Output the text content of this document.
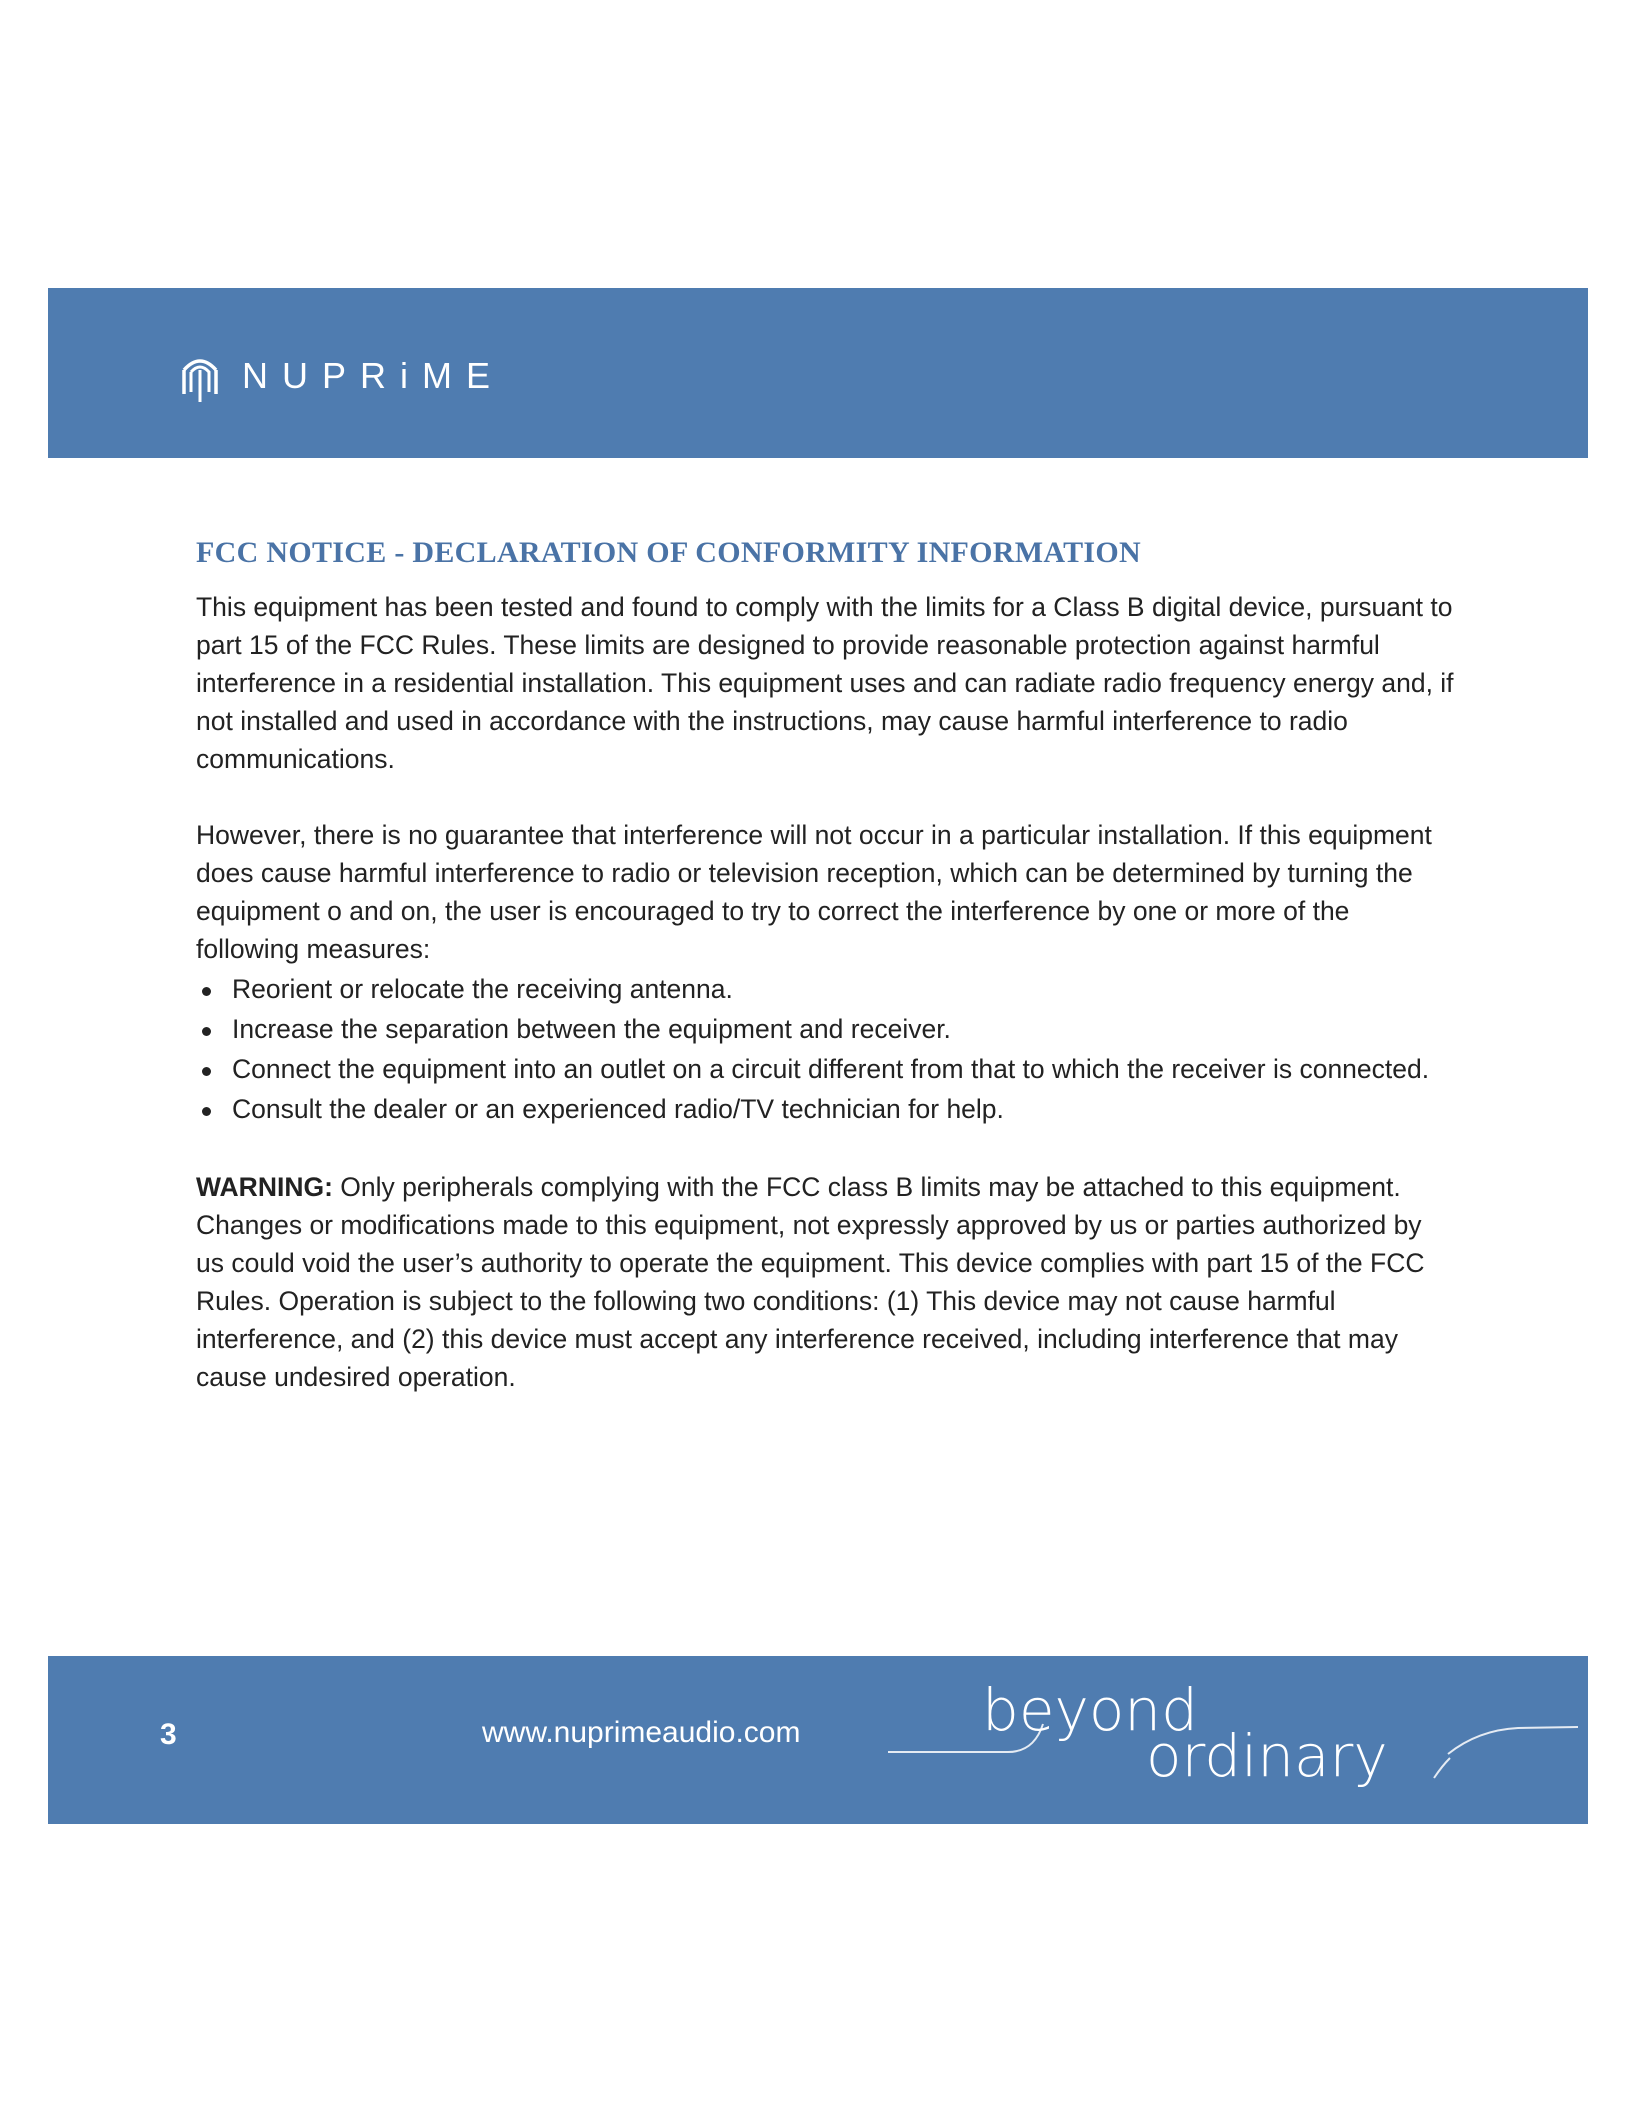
NUPRiME
FCC NOTICE - DECLARATION OF CONFORMITY INFORMATION

This equipment has been tested and found to comply with the limits for a Class B digital device, pursuant to part 15 of the FCC Rules. These limits are designed to provide reasonable protection against harmful interference in a residential installation. This equipment uses and can radiate radio frequency energy and, if not installed and used in accordance with the instructions, may cause harmful interference to radio communications.

However, there is no guarantee that interference will not occur in a particular installation. If this equipment does cause harmful interference to radio or television reception, which can be determined by turning the equipment o and on, the user is encouraged to try to correct the interference by one or more of the following measures:

Reorient or relocate the receiving antenna.
Increase the separation between the equipment and receiver.
Connect the equipment into an outlet on a circuit different from that to which the receiver is connected.
Consult the dealer or an experienced radio/TV technician for help.

WARNING: Only peripherals complying with the FCC class B limits may be attached to this equipment.

Changes or modifications made to this equipment, not expressly approved by us or parties authorized by us could void the user’s authority to operate the equipment. This device complies with part 15 of the FCC Rules. Operation is subject to the following two conditions: (1) This device may not cause harmful interference, and (2) this device must accept any interference received, including interference that may cause undesired operation.

3	www.nuprimeaudio.com	beyond
ordinary
